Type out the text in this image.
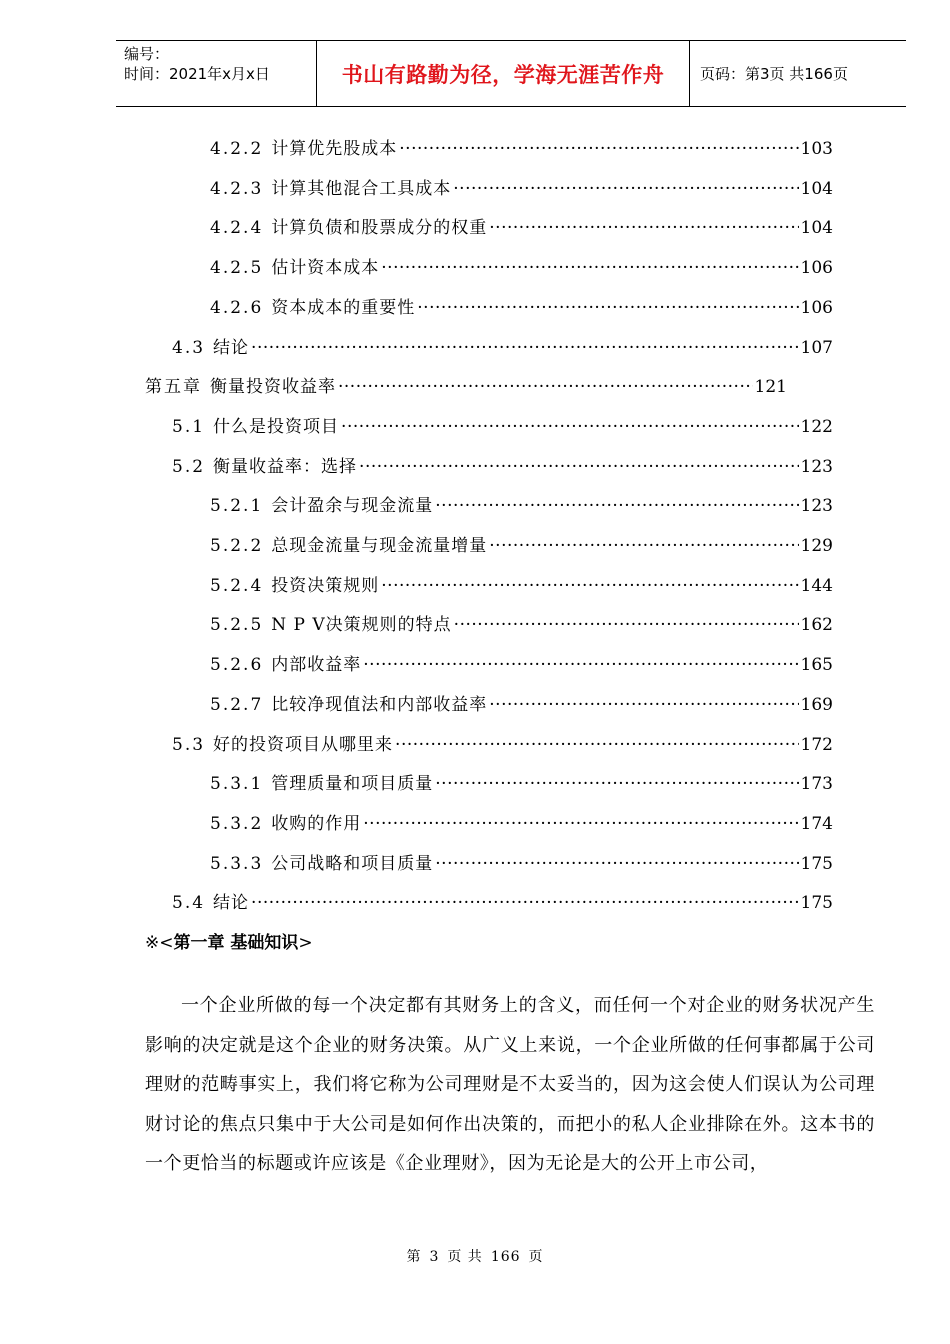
编号：
时间：2021年x月x日	书山有路勤为径，学海无涯苦作舟	页码：第3页 共166页
4.2.2 计算优先股成本 ·····	103
4.2.3 计算其他混合工具成本 ·····	104
4.2.4 计算负债和股票成分的权重 ·····	104
4.2.5 估计资本成本 ·····	106
4.2.6 资本成本的重要性 ·····	106
4.3 结论 ·····	107
第五章 衡量投资收益率 ·····	121
5.1 什么是投资项目 ·····	122
5.2 衡量收益率：选择 ·····	123
5.2.1 会计盈余与现金流量 ·····	123
5.2.2 总现金流量与现金流量增量 ·····	129
5.2.4 投资决策规则 ·····	144
5.2.5 N P V决策规则的特点 ·····	162
5.2.6 内部收益率 ·····	165
5.2.7 比较净现值法和内部收益率 ·····	169
5.3 好的投资项目从哪里来 ·····	172
5.3.1 管理质量和项目质量 ·····	173
5.3.2 收购的作用 ·····	174
5.3.3 公司战略和项目质量 ·····	175
5.4 结论 ·····	175
※<第一章 基础知识>
一个企业所做的每一个决定都有其财务上的含义，而任何一个对企业的财务状况产生影响的决定就是这个企业的财务决策。从广义上来说，一个企业所做的任何事都属于公司理财的范畴事实上，我们将它称为公司理财是不太妥当的，因为这会使人们误认为公司理财讨论的焦点只集中于大公司是如何作出决策的，而把小的私人企业排除在外。这本书的一个更恰当的标题或许应该是《企业理财》，因为无论是大的公开上市公司，
第 3 页 共 166 页
